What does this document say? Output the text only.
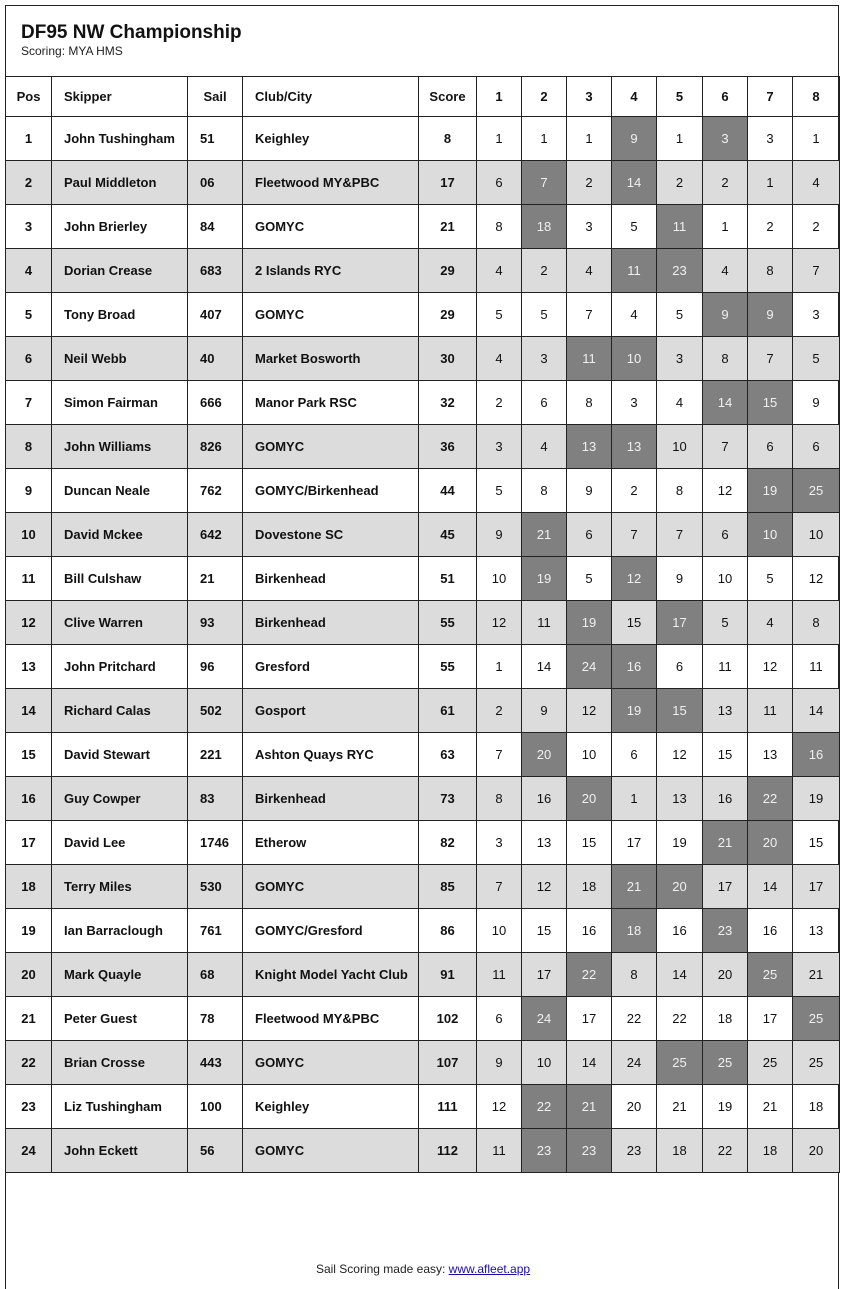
DF95 NW Championship
Scoring: MYA HMS
Pos	Skipper	Sail	Club/City	Score	1	2	3	4	5	6	7	8
1	John Tushingham	51	Keighley	8	1	1	1	9	1	3	3	1
2	Paul Middleton	06	Fleetwood MY&PBC	17	6	7	2	14	2	2	1	4
3	John Brierley	84	GOMYC	21	8	18	3	5	11	1	2	2
4	Dorian Crease	683	2 Islands RYC	29	4	2	4	11	23	4	8	7
5	Tony Broad	407	GOMYC	29	5	5	7	4	5	9	9	3
6	Neil Webb	40	Market Bosworth	30	4	3	11	10	3	8	7	5
7	Simon Fairman	666	Manor Park RSC	32	2	6	8	3	4	14	15	9
8	John Williams	826	GOMYC	36	3	4	13	13	10	7	6	6
9	Duncan Neale	762	GOMYC/Birkenhead	44	5	8	9	2	8	12	19	25
10	David Mckee	642	Dovestone SC	45	9	21	6	7	7	6	10	10
11	Bill Culshaw	21	Birkenhead	51	10	19	5	12	9	10	5	12
12	Clive Warren	93	Birkenhead	55	12	11	19	15	17	5	4	8
13	John Pritchard	96	Gresford	55	1	14	24	16	6	11	12	11
14	Richard Calas	502	Gosport	61	2	9	12	19	15	13	11	14
15	David Stewart	221	Ashton Quays RYC	63	7	20	10	6	12	15	13	16
16	Guy Cowper	83	Birkenhead	73	8	16	20	1	13	16	22	19
17	David Lee	1746	Etherow	82	3	13	15	17	19	21	20	15
18	Terry Miles	530	GOMYC	85	7	12	18	21	20	17	14	17
19	Ian Barraclough	761	GOMYC/Gresford	86	10	15	16	18	16	23	16	13
20	Mark Quayle	68	Knight Model Yacht Club	91	11	17	22	8	14	20	25	21
21	Peter Guest	78	Fleetwood MY&PBC	102	6	24	17	22	22	18	17	25
22	Brian Crosse	443	GOMYC	107	9	10	14	24	25	25	25	25
23	Liz Tushingham	100	Keighley	111	12	22	21	20	21	19	21	18
24	John Eckett	56	GOMYC	112	11	23	23	23	18	22	18	20
Sail Scoring made easy: www.afleet.app
